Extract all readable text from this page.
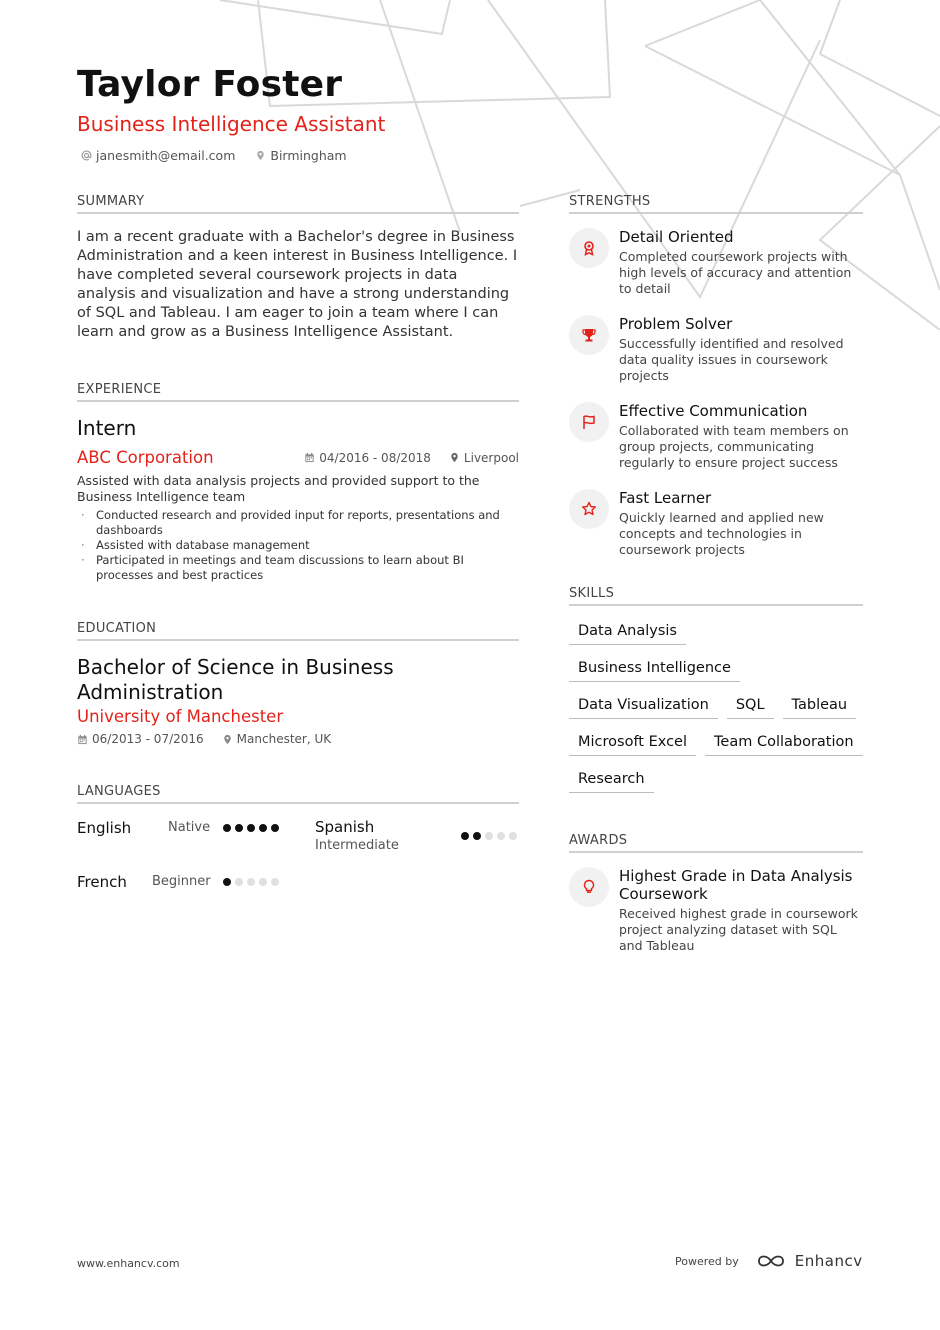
Taylor Foster
Business Intelligence Assistant
janesmith@email.com	Birmingham
SUMMARY

I am a recent graduate with a Bachelor's degree in Business Administration and a keen interest in Business Intelligence. I have completed several coursework projects in data analysis and visualization and have a strong understanding of SQL and Tableau. I am eager to join a team where I can learn and grow as a Business Intelligence Assistant.

EXPERIENCE
Intern
ABC Corporation	04/2016 - 08/2018	Liverpool
Assisted with data analysis projects and provided support to the Business Intelligence team
· Conducted research and provided input for reports, presentations and dashboards
· Assisted with database management
· Participated in meetings and team discussions to learn about BI processes and best practices
EDUCATION
Bachelor of Science in Business Administration
University of Manchester
06/2013 - 07/2016	Manchester, UK
LANGUAGES
English	Native	Spanish
Intermediate
French Beginner
STRENGTHS
Detail Oriented
Completed coursework projects with high levels of accuracy and attention to detail
Problem Solver
Successfully identified and resolved data quality issues in coursework projects
Effective Communication
Collaborated with team members on group projects, communicating regularly to ensure project success
Fast Learner
Quickly learned and applied new concepts and technologies in coursework projects
SKILLS
Data Analysis
Business Intelligence
Data Visualization	SQL	Tableau
Microsoft Excel	Team Collaboration
Research
AWARDS
Highest Grade in Data Analysis Coursework
Received highest grade in coursework project analyzing dataset with SQL and Tableau
www.enhancv.com	Powered by	Enhancv
